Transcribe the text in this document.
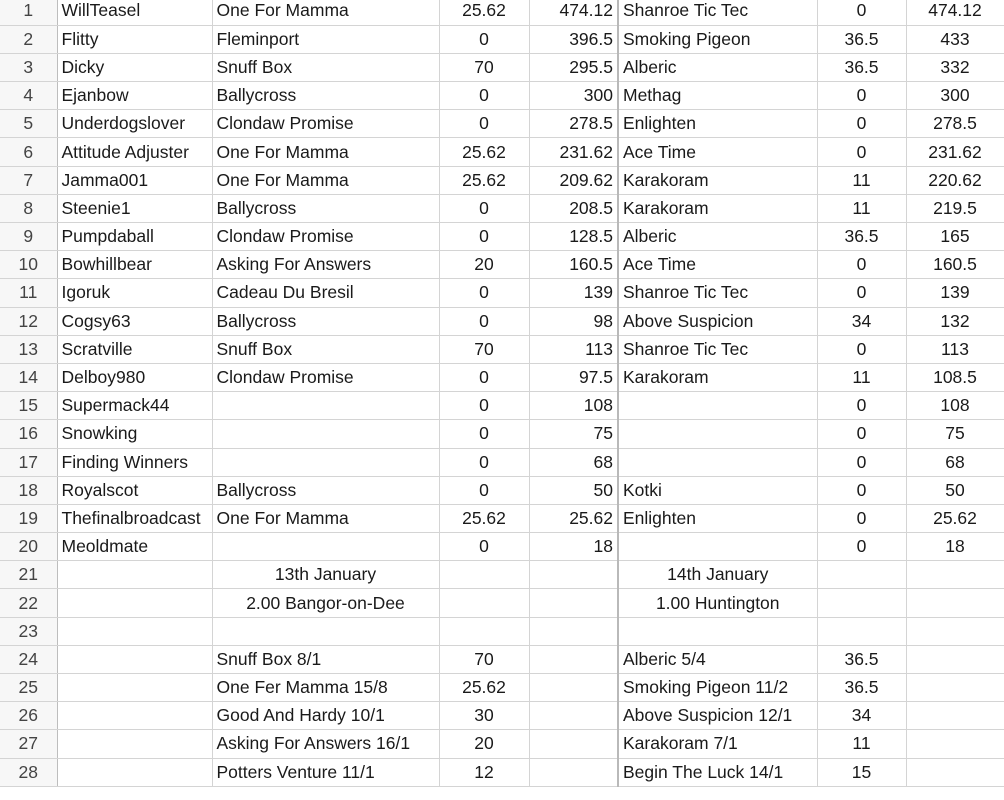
1	WillTeasel	One For Mamma	25.62	474.12	Shanroe Tic Tec	0	474.12
2	Flitty	Fleminport	0	396.5	Smoking Pigeon	36.5	433
3	Dicky	Snuff Box	70	295.5	Alberic	36.5	332
4	Ejanbow	Ballycross	0	300	Methag	0	300
5	Underdogslover	Clondaw Promise	0	278.5	Enlighten	0	278.5
6	Attitude Adjuster	One For Mamma	25.62	231.62	Ace Time	0	231.62
7	Jamma001	One For Mamma	25.62	209.62	Karakoram	11	220.62
8	Steenie1	Ballycross	0	208.5	Karakoram	11	219.5
9	Pumpdaball	Clondaw Promise	0	128.5	Alberic	36.5	165
10	Bowhillbear	Asking For Answers	20	160.5	Ace Time	0	160.5
11	Igoruk	Cadeau Du Bresil	0	139	Shanroe Tic Tec	0	139
12	Cogsy63	Ballycross	0	98	Above Suspicion	34	132
13	Scratville	Snuff Box	70	113	Shanroe Tic Tec	0	113
14	Delboy980	Clondaw Promise	0	97.5	Karakoram	11	108.5
15	Supermack44		0	108		0	108
16	Snowking		0	75		0	75
17	Finding Winners		0	68		0	68
18	Royalscot	Ballycross	0	50	Kotki	0	50
19	Thefinalbroadcast	One For Mamma	25.62	25.62	Enlighten	0	25.62
20	Meoldmate		0	18		0	18
21		13th January			14th January		
22		2.00 Bangor-on-Dee			1.00 Huntington		
23							
24		Snuff Box 8/1	70		Alberic 5/4	36.5	
25		One Fer Mamma 15/8	25.62		Smoking Pigeon 11/2	36.5	
26		Good And Hardy 10/1	30		Above Suspicion 12/1	34	
27		Asking For Answers 16/1	20		Karakoram 7/1	11	
28		Potters Venture 11/1	12		Begin The Luck 14/1	15	
